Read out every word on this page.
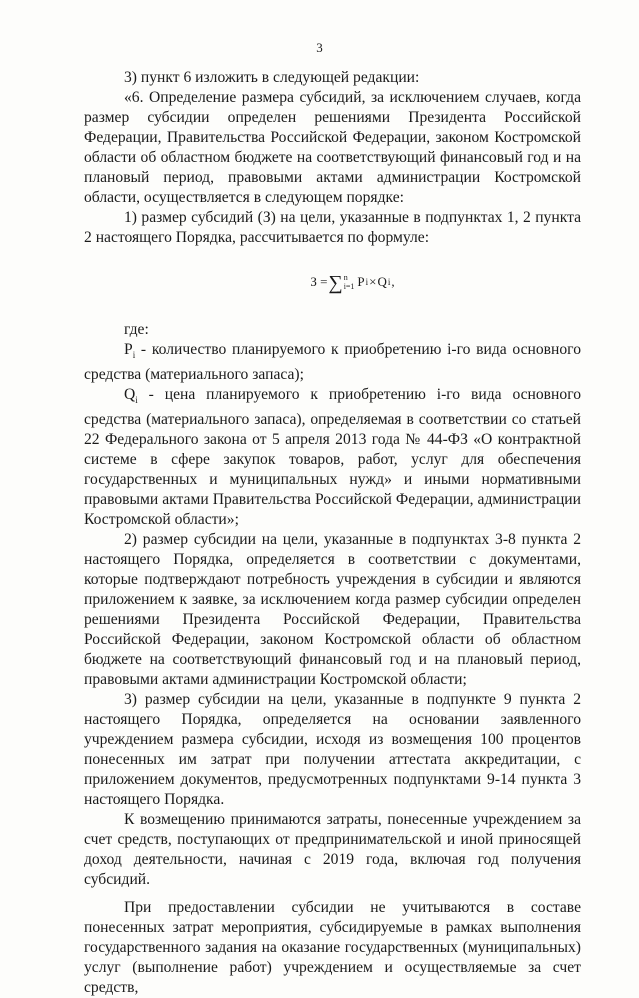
3

3) пункт 6 изложить в следующей редакции:

«6. Определение размера субсидий, за исключением случаев, когда размер субсидии определен решениями Президента Российской Федерации, Правительства Российской Федерации, законом Костромской области об областном бюджете на соответствующий финансовый год и на плановый период, правовыми актами администрации Костромской области, осуществляется в следующем порядке:

1) размер субсидий (З) на цели, указанные в подпунктах 1, 2 пункта 2 настоящего Порядка, рассчитывается по формуле:

З = ∑ n
i=1 P i × Q i ,

где:

$P_i$ - количество планируемого к приобретению i-го вида основного средства (материального запаса);

$Q_i$ - цена планируемого к приобретению i-го вида основного средства (материального запаса), определяемая в соответствии со статьей 22 Федерального закона от 5 апреля 2013 года № 44-ФЗ «О контрактной системе в сфере закупок товаров, работ, услуг для обеспечения государственных и муниципальных нужд» и иными нормативными правовыми актами Правительства Российской Федерации, администрации Костромской области»;

2) размер субсидии на цели, указанные в подпунктах 3-8 пункта 2 настоящего Порядка, определяется в соответствии с документами, которые подтверждают потребность учреждения в субсидии и являются приложением к заявке, за исключением когда размер субсидии определен решениями Президента Российской Федерации, Правительства Российской Федерации, законом Костромской области об областном бюджете на соответствующий финансовый год и на плановый период, правовыми актами администрации Костромской области;

3) размер субсидии на цели, указанные в подпункте 9 пункта 2 настоящего Порядка, определяется на основании заявленного учреждением размера субсидии, исходя из возмещения 100 процентов понесенных им затрат при получении аттестата аккредитации, с приложением документов, предусмотренных подпунктами 9-14 пункта 3 настоящего Порядка.

К возмещению принимаются затраты, понесенные учреждением за счет средств, поступающих от предпринимательской и иной приносящей доход деятельности, начиная с 2019 года, включая год получения субсидий.

При предоставлении субсидии не учитываются в составе понесенных затрат мероприятия, субсидируемые в рамках выполнения государственного задания на оказание государственных (муниципальных) услуг (выполнение работ) учреждением и осуществляемые за счет средств,
